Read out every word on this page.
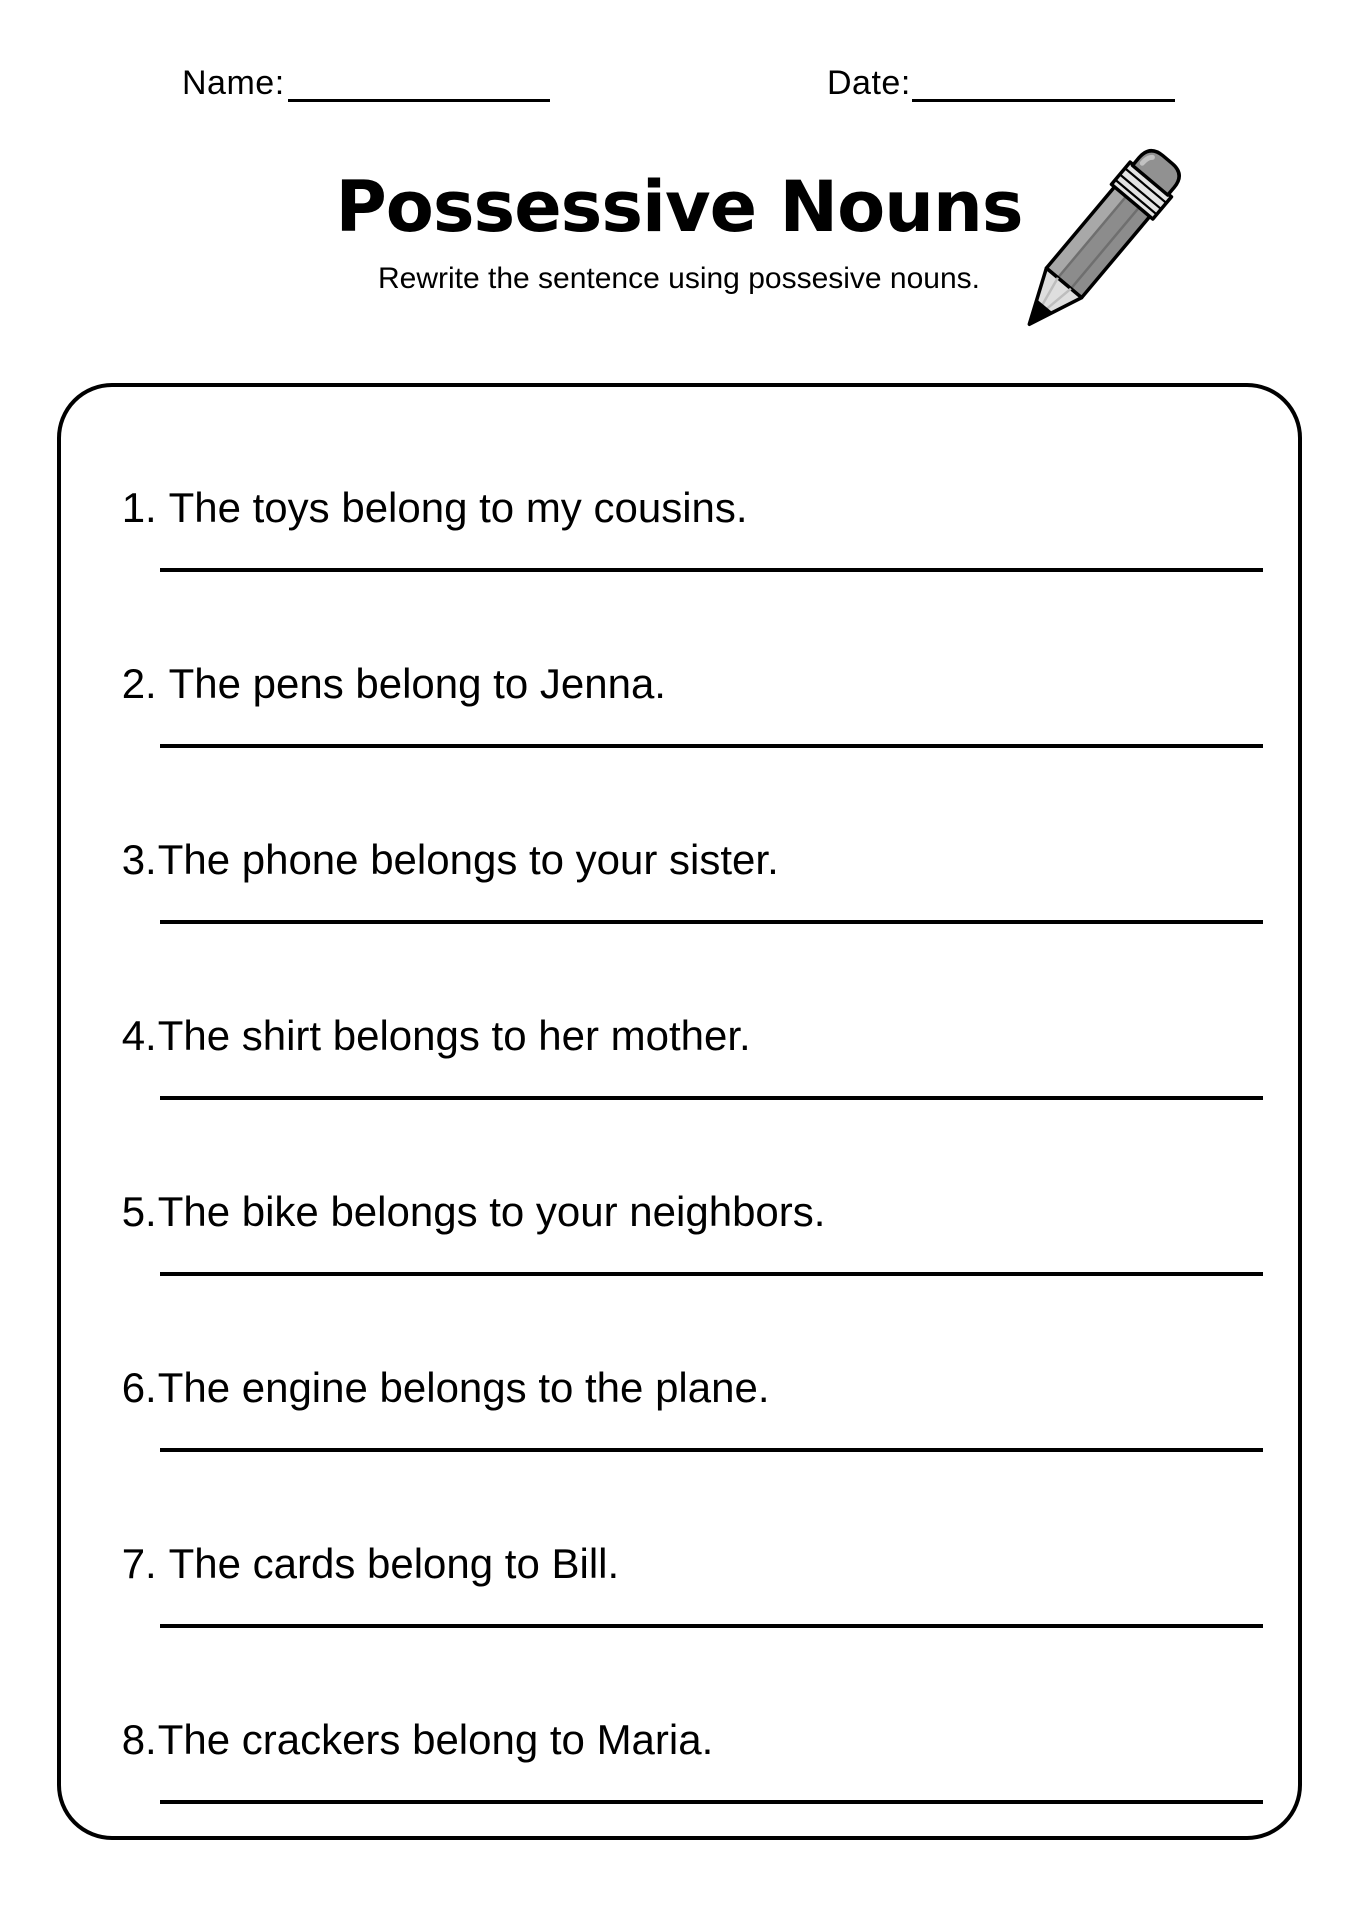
Name:	Date:
Possessive Nouns
Rewrite the sentence using possesive nouns.

1. The toys belong to my cousins.

2. The pens belong to Jenna.

3.The phone belongs to your sister.

4.The shirt belongs to her mother.

5.The bike belongs to your neighbors.

6.The engine belongs to the plane.

7. The cards belong to Bill.

8.The crackers belong to Maria.
